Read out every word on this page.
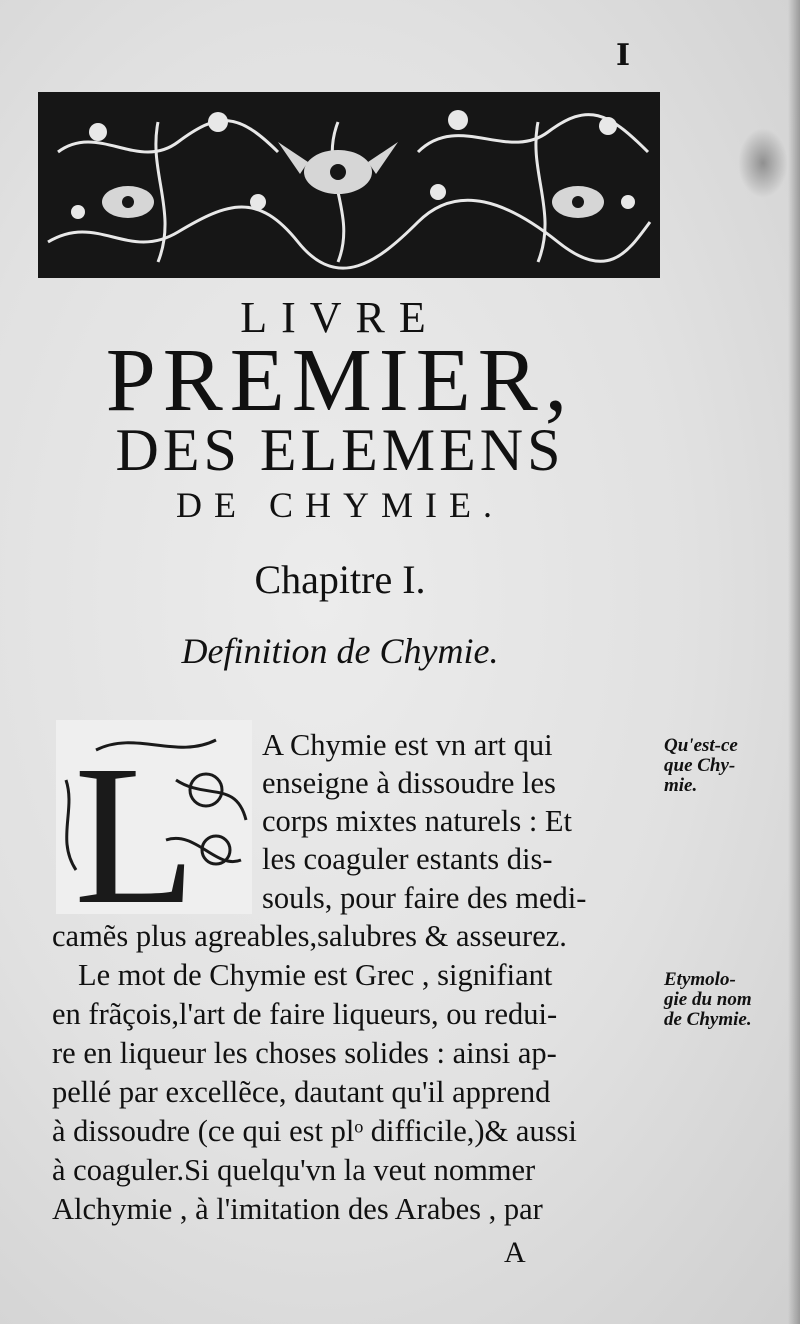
I
LIVRE
PREMIER,
DES ELEMENS
DE CHYMIE.
Chapitre I.
Definition de Chymie.
L A Chymie est vn art qui
enseigne à dissoudre les
corps mixtes naturels : Et
les coaguler estants dis-
souls, pour faire des medi-
camẽs plus agreables,salubres & asseurez.
Le mot de Chymie est Grec , signifiant
en frãçois,l'art de faire liqueurs, ou redui-
re en liqueur les choses solides : ainsi ap-
pellé par excellẽce, dautant qu'il apprend
à dissoudre (ce qui est plᵒ difficile,)& aussi
à coaguler.Si quelqu'vn la veut nommer
Alchymie , à l'imitation des Arabes , par
Qu'est-ce
que Chy-
mie.
Etymolo-
gie du nom
de Chymie.
A
